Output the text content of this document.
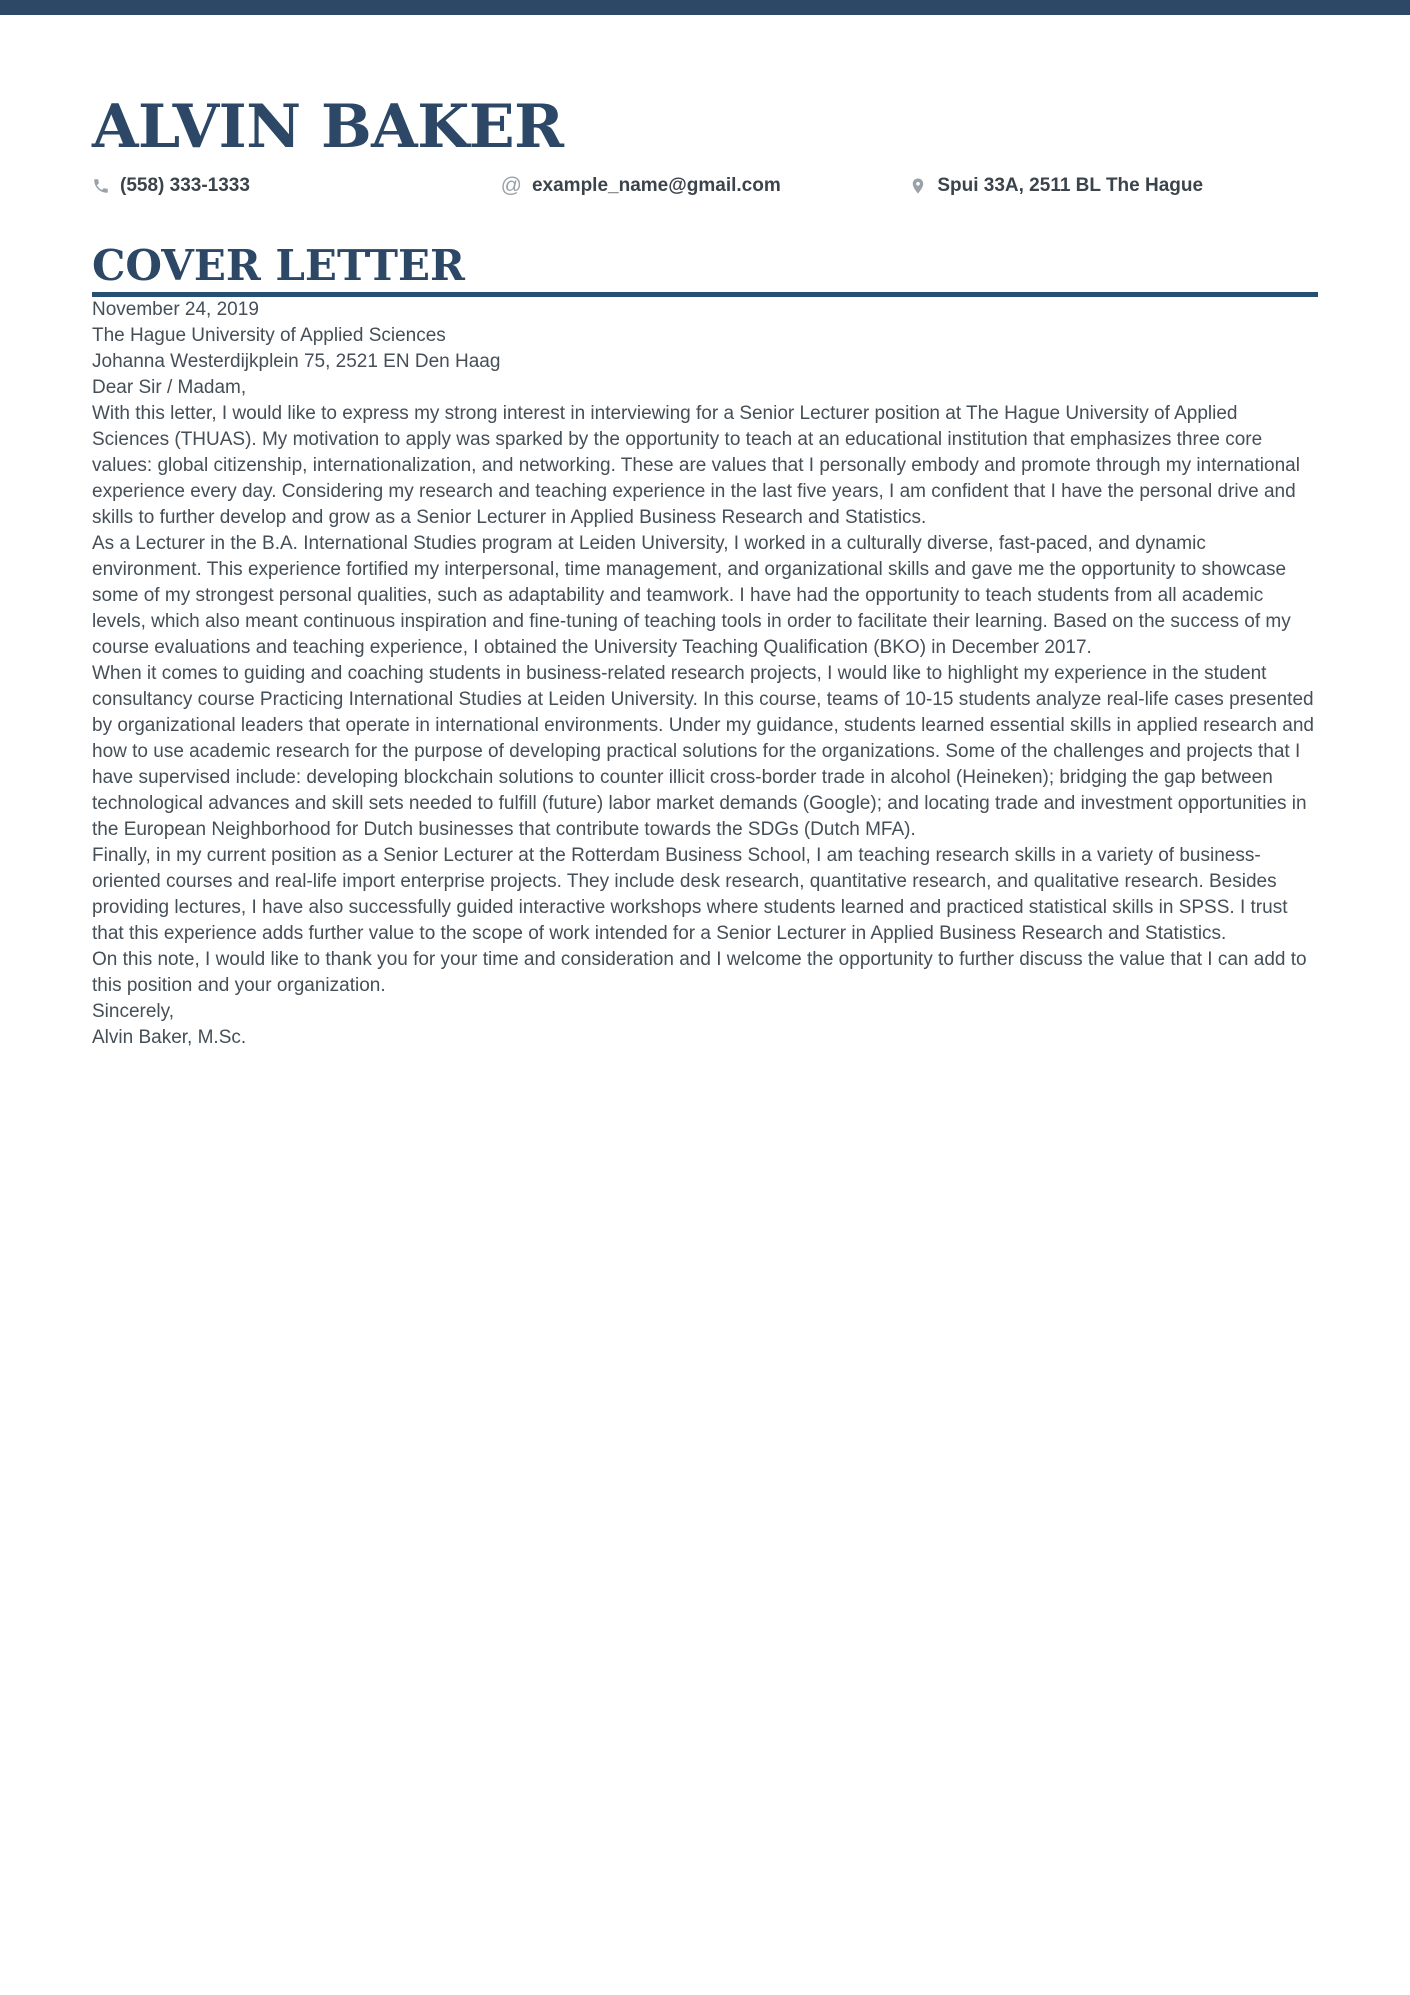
ALVIN BAKER
(558) 333-1333	@ example_name@gmail.com	Spui 33A, 2511 BL The Hague
COVER LETTER

November 24, 2019

The Hague University of Applied Sciences
Johanna Westerdijkplein 75, 2521 EN Den Haag

Dear Sir / Madam,

With this letter, I would like to express my strong interest in interviewing for a Senior Lecturer position at The Hague University of Applied Sciences (THUAS). My motivation to apply was sparked by the opportunity to teach at an educational institution that emphasizes three core values: global citizenship, internationalization, and networking. These are values that I personally embody and promote through my international experience every day. Considering my research and teaching experience in the last five years, I am confident that I have the personal drive and skills to further develop and grow as a Senior Lecturer in Applied Business Research and Statistics.

As a Lecturer in the B.A. International Studies program at Leiden University, I worked in a culturally diverse, fast-paced, and dynamic environment. This experience fortified my interpersonal, time management, and organizational skills and gave me the opportunity to showcase some of my strongest personal qualities, such as adaptability and teamwork. I have had the opportunity to teach students from all academic levels, which also meant continuous inspiration and fine-tuning of teaching tools in order to facilitate their learning. Based on the success of my course evaluations and teaching experience, I obtained the University Teaching Qualification (BKO) in December 2017.

When it comes to guiding and coaching students in business-related research projects, I would like to highlight my experience in the student consultancy course Practicing International Studies at Leiden University. In this course, teams of 10-15 students analyze real-life cases presented by organizational leaders that operate in international environments. Under my guidance, students learned essential skills in applied research and how to use academic research for the purpose of developing practical solutions for the organizations. Some of the challenges and projects that I have supervised include: developing blockchain solutions to counter illicit cross-border trade in alcohol (Heineken); bridging the gap between technological advances and skill sets needed to fulfill (future) labor market demands (Google); and locating trade and investment opportunities in the European Neighborhood for Dutch businesses that contribute towards the SDGs (Dutch MFA).

Finally, in my current position as a Senior Lecturer at the Rotterdam Business School, I am teaching research skills in a variety of business-oriented courses and real-life import enterprise projects. They include desk research, quantitative research, and qualitative research. Besides providing lectures, I have also successfully guided interactive workshops where students learned and practiced statistical skills in SPSS. I trust that this experience adds further value to the scope of work intended for a Senior Lecturer in Applied Business Research and Statistics.

On this note, I would like to thank you for your time and consideration and I welcome the opportunity to further discuss the value that I can add to this position and your organization.

Sincerely,

Alvin Baker, M.Sc.
